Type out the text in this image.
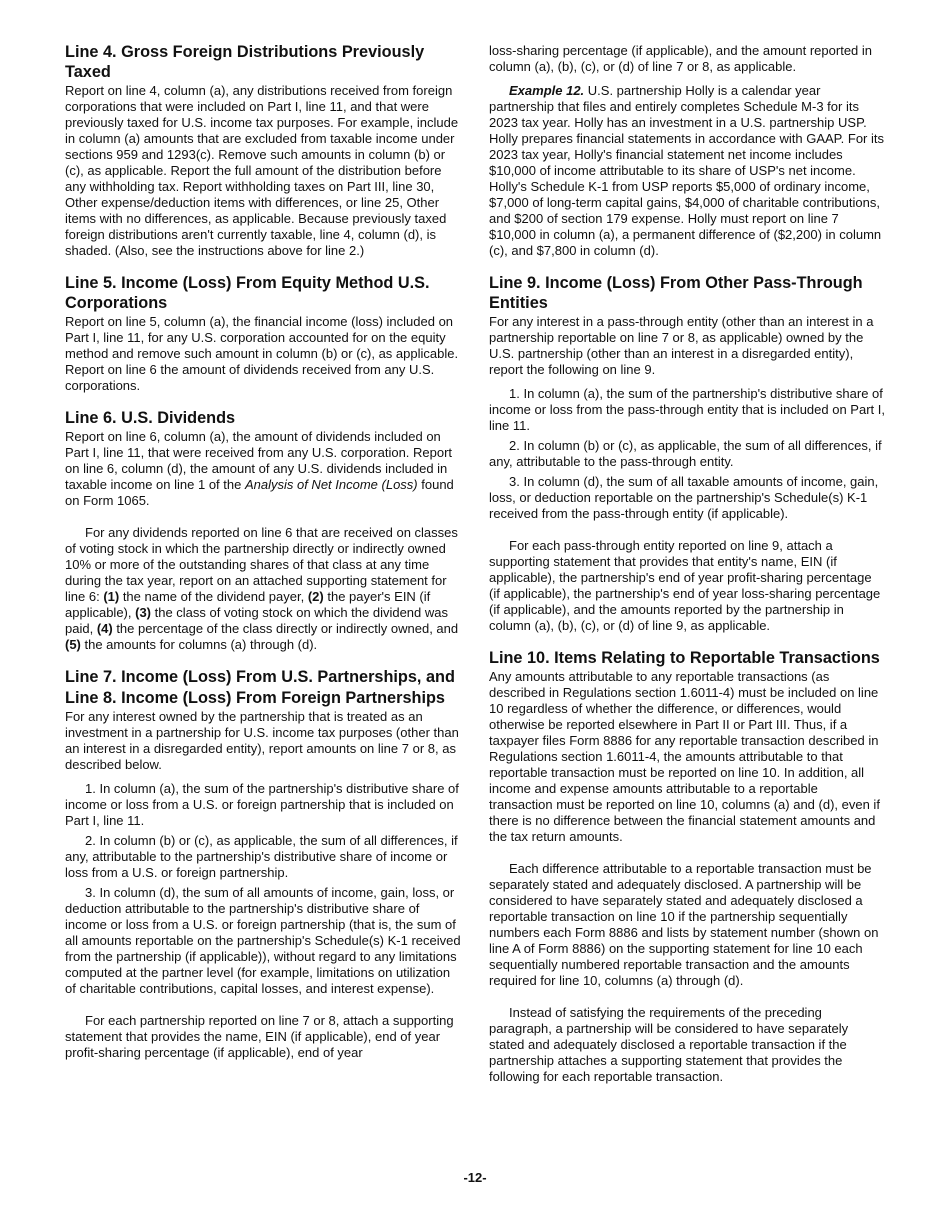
Line 4. Gross Foreign Distributions Previously Taxed

Report on line 4, column (a), any distributions received from foreign corporations that were included on Part I, line 11, and that were previously taxed for U.S. income tax purposes. For example, include in column (a) amounts that are excluded from taxable income under sections 959 and 1293(c). Remove such amounts in column (b) or (c), as applicable. Report the full amount of the distribution before any withholding tax. Report withholding taxes on Part III, line 30, Other expense/deduction items with differences, or line 25, Other items with no differences, as applicable. Because previously taxed foreign distributions aren't currently taxable, line 4, column (d), is shaded. (Also, see the instructions above for line 2.)

Line 5. Income (Loss) From Equity Method U.S. Corporations

Report on line 5, column (a), the financial income (loss) included on Part I, line 11, for any U.S. corporation accounted for on the equity method and remove such amount in column (b) or (c), as applicable. Report on line 6 the amount of dividends received from any U.S. corporations.

Line 6. U.S. Dividends

Report on line 6, column (a), the amount of dividends included on Part I, line 11, that were received from any U.S. corporation. Report on line 6, column (d), the amount of any U.S. dividends included in taxable income on line 1 of the Analysis of Net Income (Loss) found on Form 1065.

For any dividends reported on line 6 that are received on classes of voting stock in which the partnership directly or indirectly owned 10% or more of the outstanding shares of that class at any time during the tax year, report on an attached supporting statement for line 6: (1) the name of the dividend payer, (2) the payer's EIN (if applicable), (3) the class of voting stock on which the dividend was paid, (4) the percentage of the class directly or indirectly owned, and (5) the amounts for columns (a) through (d).

Line 7. Income (Loss) From U.S. Partnerships, and
Line 8. Income (Loss) From Foreign Partnerships

For any interest owned by the partnership that is treated as an investment in a partnership for U.S. income tax purposes (other than an interest in a disregarded entity), report amounts on line 7 or 8, as described below.

1. In column (a), the sum of the partnership's distributive share of income or loss from a U.S. or foreign partnership that is included on Part I, line 11.

2. In column (b) or (c), as applicable, the sum of all differences, if any, attributable to the partnership's distributive share of income or loss from a U.S. or foreign partnership.

3. In column (d), the sum of all amounts of income, gain, loss, or deduction attributable to the partnership's distributive share of income or loss from a U.S. or foreign partnership (that is, the sum of all amounts reportable on the partnership's Schedule(s) K-1 received from the partnership (if applicable)), without regard to any limitations computed at the partner level (for example, limitations on utilization of charitable contributions, capital losses, and interest expense).

For each partnership reported on line 7 or 8, attach a supporting statement that provides the name, EIN (if applicable), end of year profit-sharing percentage (if applicable), end of year

loss-sharing percentage (if applicable), and the amount reported in column (a), (b), (c), or (d) of line 7 or 8, as applicable.

Example 12. U.S. partnership Holly is a calendar year partnership that files and entirely completes Schedule M-3 for its 2023 tax year. Holly has an investment in a U.S. partnership USP. Holly prepares financial statements in accordance with GAAP. For its 2023 tax year, Holly's financial statement net income includes $10,000 of income attributable to its share of USP's net income. Holly's Schedule K-1 from USP reports $5,000 of ordinary income, $7,000 of long-term capital gains, $4,000 of charitable contributions, and $200 of section 179 expense. Holly must report on line 7 $10,000 in column (a), a permanent difference of ($2,200) in column (c), and $7,800 in column (d).

Line 9. Income (Loss) From Other Pass-Through Entities

For any interest in a pass-through entity (other than an interest in a partnership reportable on line 7 or 8, as applicable) owned by the U.S. partnership (other than an interest in a disregarded entity), report the following on line 9.

1. In column (a), the sum of the partnership's distributive share of income or loss from the pass-through entity that is included on Part I, line 11.

2. In column (b) or (c), as applicable, the sum of all differences, if any, attributable to the pass-through entity.

3. In column (d), the sum of all taxable amounts of income, gain, loss, or deduction reportable on the partnership's Schedule(s) K-1 received from the pass-through entity (if applicable).

For each pass-through entity reported on line 9, attach a supporting statement that provides that entity's name, EIN (if applicable), the partnership's end of year profit-sharing percentage (if applicable), the partnership's end of year loss-sharing percentage (if applicable), and the amounts reported by the partnership in column (a), (b), (c), or (d) of line 9, as applicable.

Line 10. Items Relating to Reportable Transactions

Any amounts attributable to any reportable transactions (as described in Regulations section 1.6011-4) must be included on line 10 regardless of whether the difference, or differences, would otherwise be reported elsewhere in Part II or Part III. Thus, if a taxpayer files Form 8886 for any reportable transaction described in Regulations section 1.6011-4, the amounts attributable to that reportable transaction must be reported on line 10. In addition, all income and expense amounts attributable to a reportable transaction must be reported on line 10, columns (a) and (d), even if there is no difference between the financial statement amounts and the tax return amounts.

Each difference attributable to a reportable transaction must be separately stated and adequately disclosed. A partnership will be considered to have separately stated and adequately disclosed a reportable transaction on line 10 if the partnership sequentially numbers each Form 8886 and lists by statement number (shown on line A of Form 8886) on the supporting statement for line 10 each sequentially numbered reportable transaction and the amounts required for line 10, columns (a) through (d).

Instead of satisfying the requirements of the preceding paragraph, a partnership will be considered to have separately stated and adequately disclosed a reportable transaction if the partnership attaches a supporting statement that provides the following for each reportable transaction.

-12-
